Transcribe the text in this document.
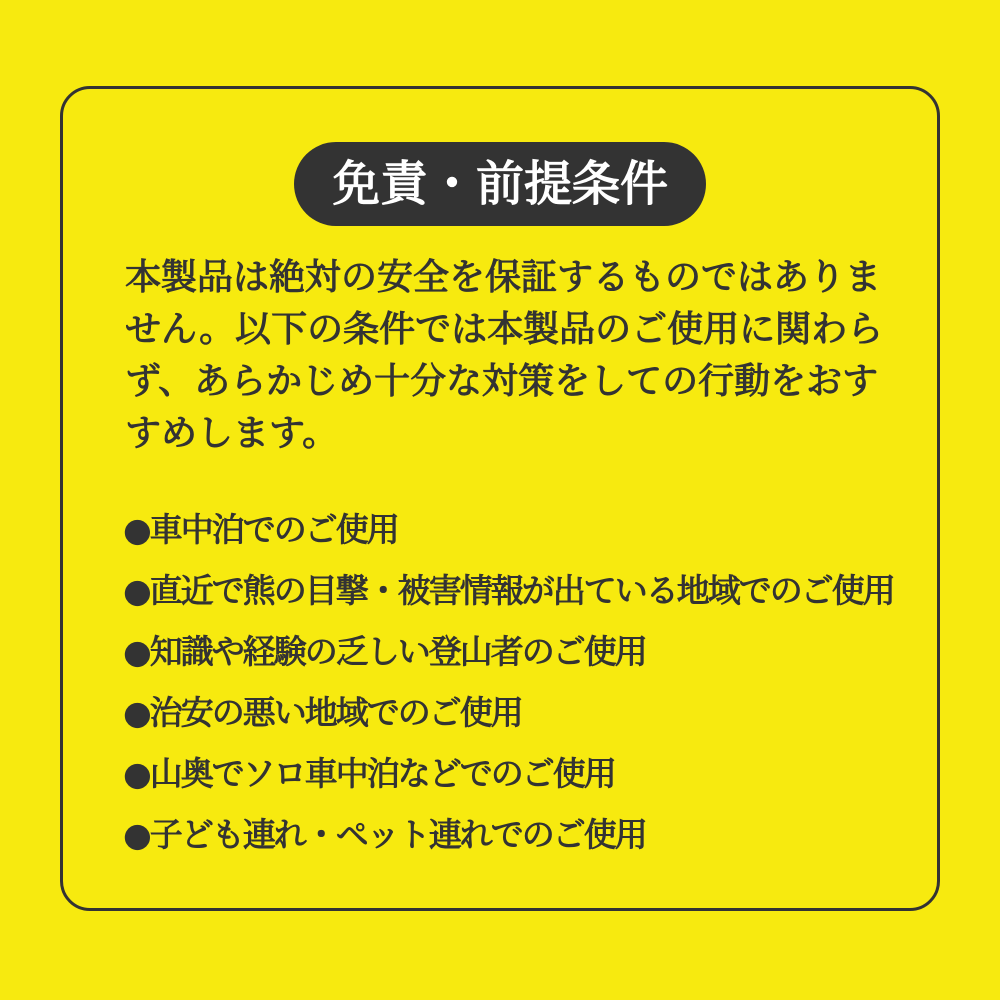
免責・前提条件
本製品は絶対の安全を保証するものではありま
せん。以下の条件では本製品のご使用に関わら
ず、あらかじめ十分な対策をしての行動をおす
すめします。
●車中泊でのご使用
●直近で熊の目撃・被害情報が出ている地域でのご使用
●知識や経験の乏しい登山者のご使用
●治安の悪い地域でのご使用
●山奥でソロ車中泊などでのご使用
●子ども連れ・ペット連れでのご使用
